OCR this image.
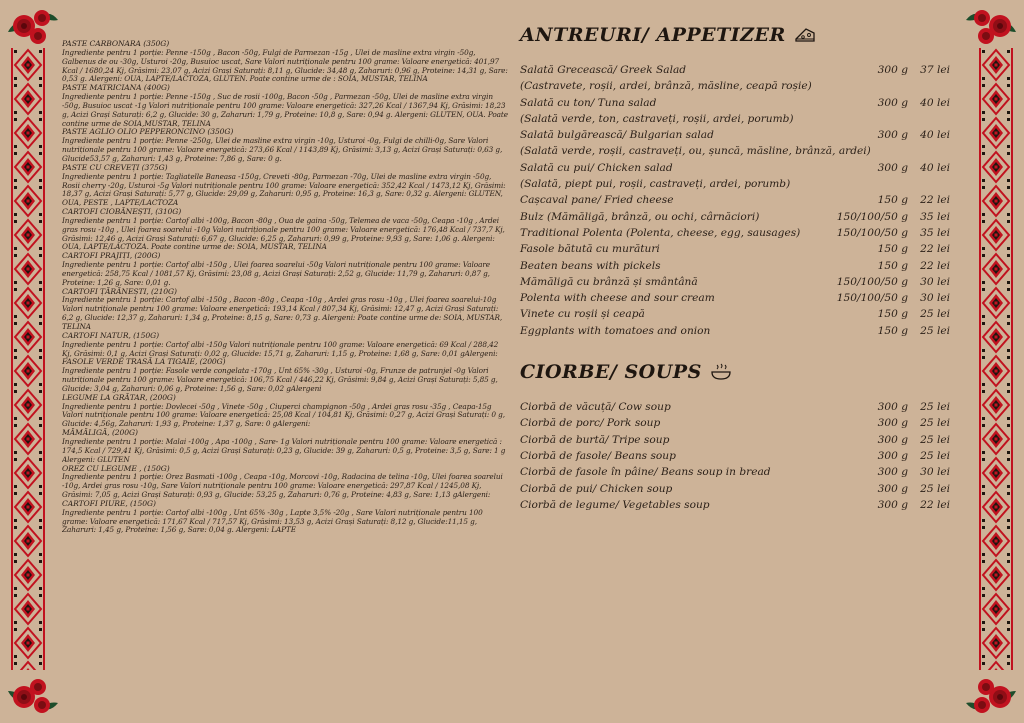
PASTE CARBONARA (350G)
Ingrediente pentru 1 porție: Penne -150g , Bacon -50g, Fulgi de Parmezan -15g , Ulei de masline extra virgin -50g, Galbenus de ou -30g, Usturoi -20g, Busuioc uscat, Sare Valori nutriționale pentru 100 grame: Valoare energetică: 401,97 Kcal / 1680,24 Kj, Grăsimi: 23,07 g, Acizi Grași Saturați: 8,11 g, Glucide: 34,48 g, Zaharuri: 0,96 g, Proteine: 14,31 g, Sare: 0,53 g. Alergeni: OUA, LAPTE/LACTOZA, GLUTEN. Poate contine urme de : SOIA, MUSTAR, TELINA
PASTE MATRICIANA (400G)
Ingrediente pentru 1 porție: Penne -150g , Suc de rosii -100g, Bacon -50g , Parmezan -50g, Ulei de masline extra virgin -50g, Busuioc uscat -1g Valori nutriționale pentru 100 grame: Valoare energetică: 327,26 Kcal / 1367,94 Kj, Grăsimi: 18,23 g, Acizi Grași Saturați: 6,2 g, Glucide: 30 g, Zaharuri: 1,79 g, Proteine: 10,8 g, Sare: 0,94 g. Alergeni: GLUTEN, OUA. Poate contine urme de SOIA,MUSTAR, TELINA
PASTE AGLIO OLIO PEPPERONCINO (350G)
Ingrediente pentru 1 porție: Penne -250g, Ulei de masline extra virgin -10g, Usturoi -0g, Fulgi de chilli-0g, Sare Valori nutriționale pentru 100 grame: Valoare energetică: 273,66 Kcal / 1143,89 Kj, Grăsimi: 3,13 g, Acizi Grași Saturați: 0,63 g, Glucide53,57 g, Zaharuri: 1,43 g, Proteine: 7,86 g, Sare: 0 g.
PASTE CU CREVEȚI (375G)
Ingrediente pentru 1 porție: Tagliatelle Baneasa -150g, Creveti -80g, Parmezan -70g, Ulei de masline extra virgin -50g, Rosii cherry -20g, Usturoi -5g Valori nutriționale pentru 100 grame: Valoare energetică: 352,42 Kcal / 1473,12 Kj, Grăsimi: 18,37 g, Acizi Grași Saturați: 5,77 g, Glucide: 29,09 g, Zaharuri: 0,95 g, Proteine: 16,3 g, Sare: 0,32 g. Alergeni: GLUTEN, OUA, PESTE , LAPTE/LACTOZA
CARTOFI CIOBĂNEȘTI, (310G)
Ingrediente pentru 1 porție: Cartof albi -100g, Bacon -80g , Oua de gaina -50g, Telemea de vaca -50g, Ceapa -10g , Ardei gras rosu -10g , Ulei foarea soarelui -10g Valori nutriționale pentru 100 grame: Valoare energetică: 176,48 Kcal / 737,7 Kj, Grăsimi: 12,46 g, Acizi Grași Saturați: 6,67 g, Glucide: 6,25 g, Zaharuri: 0,99 g, Proteine: 9,93 g, Sare: 1,06 g. Alergeni: OUA, LAPTE/LACTOZA. Poate contine urme de: SOIA, MUSTAR, TELINA
CARTOFI PRAJIȚI, (200G)
Ingrediente pentru 1 porție: Cartof albi -150g , Ulei foarea soarelui -50g Valori nutriționale pentru 100 grame: Valoare energetică: 258,75 Kcal / 1081,57 Kj, Grăsimi: 23,08 g, Acizi Grași Saturați: 2,52 g, Glucide: 11,79 g, Zaharuri: 0,87 g, Proteine: 1,26 g, Sare: 0,01 g.
CARTOFI ȚĂRĂNEȘTI, (210G)
Ingrediente pentru 1 porție: Cartof albi -150g , Bacon -80g , Ceapa -10g , Ardei gras rosu -10g , Ulei foarea soarelui-10g Valori nutriționale pentru 100 grame: Valoare energetică: 193,14 Kcal / 807,34 Kj, Grăsimi: 12,47 g, Acizi Grași Saturați: 6,2 g, Glucide: 12,37 g, Zaharuri: 1,34 g, Proteine: 8,15 g, Sare: 0,73 g. Alergeni: Poate contine urme de: SOIA, MUSTAR, TELINA
CARTOFI NATUR, (150G)
Ingrediente pentru 1 porție: Cartof albi -150g Valori nutriționale pentru 100 grame: Valoare energetică: 69 Kcal / 288,42 Kj, Grăsimi: 0,1 g, Acizi Grași Saturați: 0,02 g, Glucide: 15,71 g, Zaharuri: 1,15 g, Proteine: 1,68 g, Sare: 0,01 gAlergeni:
FASOLE VERDE TRASĂ LA TIGAIE, (200G)
Ingrediente pentru 1 porție: Fasole verde congelata -170g , Unt 65% -30g , Usturoi -0g, Frunze de patrunjel -0g Valori nutriționale pentru 100 grame: Valoare energetică: 106,75 Kcal / 446,22 Kj, Grăsimi: 9,84 g, Acizi Grași Saturați: 5,85 g, Glucide: 3,04 g, Zaharuri: 0,06 g, Proteine: 1,56 g, Sare: 0,02 gAlergeni
LEGUME LA GRĂTAR, (200G)
Ingrediente pentru 1 porție: Dovlecei -50g , Vinete -50g , Ciuperci champignon -50g , Ardei gras rosu -35g , Ceapa-15g Valori nutriționale pentru 100 grame: Valoare energetică: 25,08 Kcal / 104,81 Kj, Grăsimi: 0,27 g, Acizi Grași Saturați: 0 g, Glucide: 4,56g, Zaharuri: 1,93 g, Proteine: 1,37 g, Sare: 0 gAlergeni:
MĂMĂLIGĂ, (200G)
Ingrediente pentru 1 porție: Malai -100g , Apa -100g , Sare- 1g Valori nutriționale pentru 100 grame: Valoare energetică : 174,5 Kcal / 729,41 Kj, Grăsimi: 0,5 g, Acizi Grași Saturați: 0,23 g, Glucide: 39 g, Zaharuri: 0,5 g, Proteine: 3,5 g, Sare: 1 g Alergeni: GLUTEN
OREZ CU LEGUME , (150G)
Ingrediente pentru 1 porție: Orez Basmati -100g , Ceapa -10g, Morcovi -10g, Radacina de telina -10g, Ulei foarea soarelui -10g, Ardei gras rosu -10g, Sare Valori nutriționale pentru 100 grame: Valoare energetică: 297,87 Kcal / 1245,08 Kj, Grăsimi: 7,05 g, Acizi Grași Saturați: 0,93 g, Glucide: 53,25 g, Zaharuri: 0,76 g, Proteine: 4,83 g, Sare: 1,13 gAlergeni:
CARTOFI PIURE, (150G)
Ingrediente pentru 1 porție: Cartof albi -100g , Unt 65% -30g , Lapte 3,5% -20g , Sare Valori nutriționale pentru 100 grame: Valoare energetică: 171,67 Kcal / 717,57 Kj, Grăsimi: 13,53 g, Acizi Grași Saturați: 8,12 g, Glucide:11,15 g, Zaharuri: 1,45 g, Proteine: 1,56 g, Sare: 0,04 g. Alergeni: LAPTE
ANTREURI/ APPETIZER
Salată Grecească/ Greek Salad	300 g	37 lei
(Castravete, roșii, ardei, brânză, măsline, ceapă roșie)
Salată cu ton/ Tuna salad	300 g	40 lei
(Salată verde, ton, castraveți, roșii, ardei, porumb)
Salată bulgărească/ Bulgarian salad	300 g	40 lei
(Salată verde, roșii, castraveți, ou, șuncă, măsline, brânză, ardei)
Salată cu pui/ Chicken salad	300 g	40 lei
(Salată, piept pui, roșii, castraveți, ardei, porumb)
Cașcaval pane/ Fried cheese	150 g	22 lei
Bulz (Mămăligă, brânză, ou ochi, cârnăciori)	150/100/50 g	35 lei
Traditional Polenta (Polenta, cheese, egg, sausages)	150/100/50 g	35 lei
Fasole bătută cu murături	150 g	22 lei
Beaten beans with pickels	150 g	22 lei
Mămăligă cu brânză și smântână	150/100/50 g	30 lei
Polenta with cheese and sour cream	150/100/50 g	30 lei
Vinete cu roșii și ceapă	150 g	25 lei
Eggplants with tomatoes and onion	150 g	25 lei
CIORBE/ SOUPS
Ciorbă de văcuță/ Cow soup	300 g	25 lei
Ciorbă de porc/ Pork soup	300 g	25 lei
Ciorbă de burtă/ Tripe soup	300 g	25 lei
Ciorbă de fasole/ Beans soup	300 g	25 lei
Ciorbă de fasole în pâine/ Beans soup in bread	300 g	30 lei
Ciorbă de pui/ Chicken soup	300 g	25 lei
Ciorbă de legume/ Vegetables soup	300 g	22 lei
